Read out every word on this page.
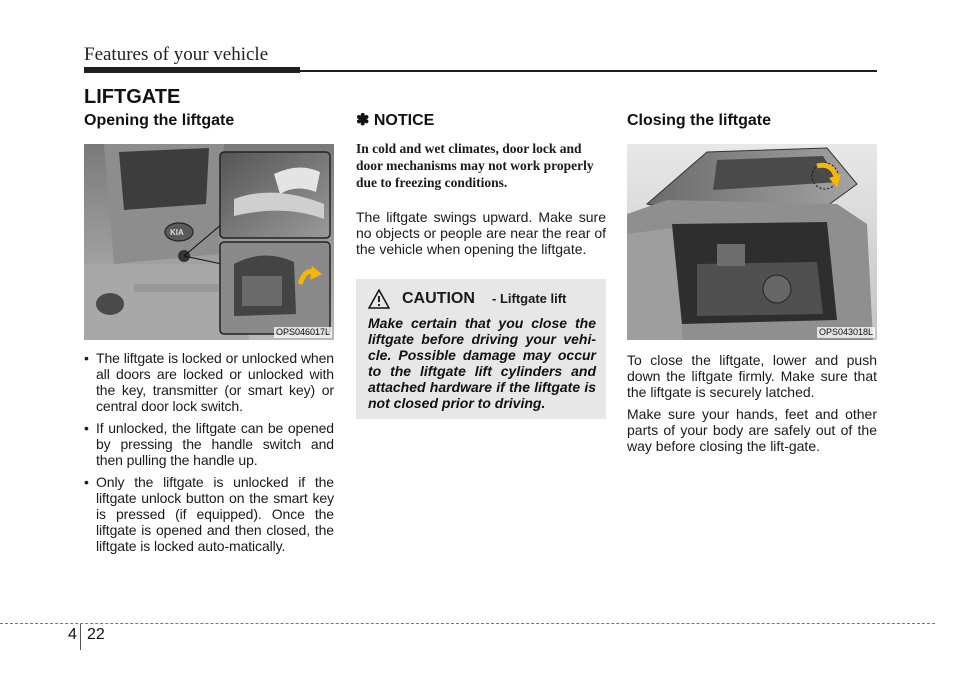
Features of your vehicle
LIFTGATE
Opening the liftgate
KIA
OPS046017L
• The liftgate is locked or unlocked when all doors are locked or unlocked with the key, transmitter (or smart key) or central door lock switch.
• If unlocked, the liftgate can be opened by pressing the handle switch and then pulling the handle up.
• Only the liftgate is unlocked if the liftgate unlock button on the smart key is pressed (if equipped). Once the liftgate is opened and then closed, the liftgate is locked auto-matically.
✽ NOTICE

In cold and wet climates, door lock and door mechanisms may not work properly due to freezing conditions.

The liftgate swings upward. Make sure no objects or people are near the rear of the vehicle when opening the liftgate.

CAUTION - Liftgate lift
Make certain that you close the liftgate before driving your vehi-cle. Possible damage may occur to the liftgate lift cylinders and attached hardware if the liftgate is not closed prior to driving.
Closing the liftgate
OPS043018L

To close the liftgate, lower and push down the liftgate firmly. Make sure that the liftgate is securely latched.

Make sure your hands, feet and other parts of your body are safely out of the way before closing the lift-gate.

4 22
